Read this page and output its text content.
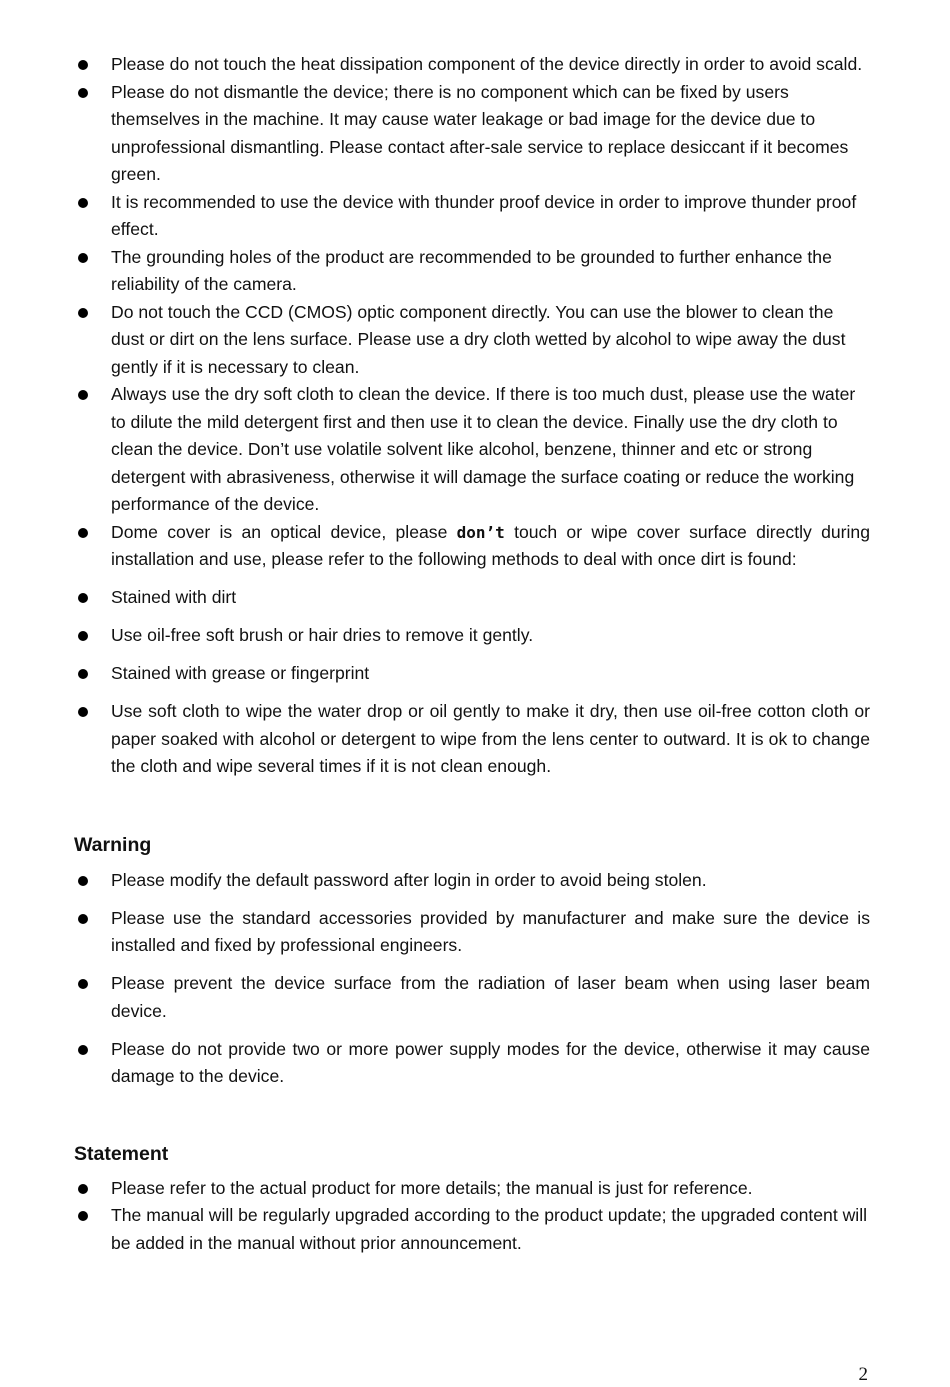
Please do not touch the heat dissipation component of the device directly in order to avoid scald.
Please do not dismantle the device; there is no component which can be fixed by users themselves in the machine. It may cause water leakage or bad image for the device due to unprofessional dismantling. Please contact after-sale service to replace desiccant if it becomes green.
It is recommended to use the device with thunder proof device in order to improve thunder proof effect.
The grounding holes of the product are recommended to be grounded to further enhance the reliability of the camera.
Do not touch the CCD (CMOS) optic component directly. You can use the blower to clean the dust or dirt on the lens surface. Please use a dry cloth wetted by alcohol to wipe away the dust gently if it is necessary to clean.
Always use the dry soft cloth to clean the device. If there is too much dust, please use the water to dilute the mild detergent first and then use it to clean the device. Finally use the dry cloth to clean the device. Don’t use volatile solvent like alcohol, benzene, thinner and etc or strong detergent with abrasiveness, otherwise it will damage the surface coating or reduce the working performance of the device.
Dome cover is an optical device, please don’t touch or wipe cover surface directly during installation and use, please refer to the following methods to deal with once dirt is found:
Stained with dirt
Use oil-free soft brush or hair dries to remove it gently.
Stained with grease or fingerprint
Use soft cloth to wipe the water drop or oil gently to make it dry, then use oil-free cotton cloth or paper soaked with alcohol or detergent to wipe from the lens center to outward. It is ok to change the cloth and wipe several times if it is not clean enough.
Warning
Please modify the default password after login in order to avoid being stolen.
Please use the standard accessories provided by manufacturer and make sure the device is installed and fixed by professional engineers.
Please prevent the device surface from the radiation of laser beam when using laser beam device.
Please do not provide two or more power supply modes for the device, otherwise it may cause damage to the device.
Statement
Please refer to the actual product for more details; the manual is just for reference.
The manual will be regularly upgraded according to the product update; the upgraded content will be added in the manual without prior announcement.
2
